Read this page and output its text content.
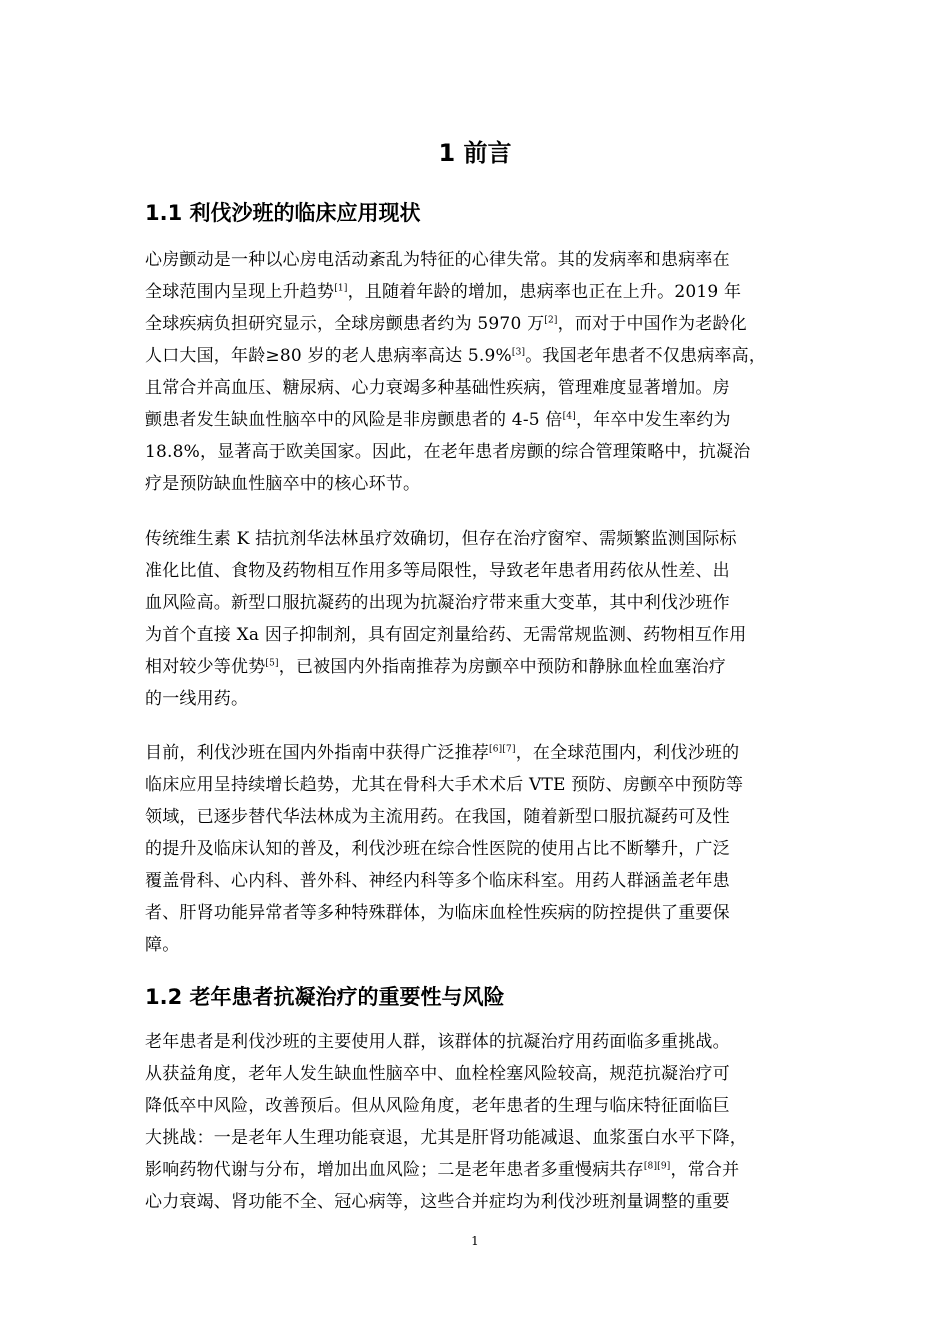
1 前言
1.1 利伐沙班的临床应用现状
心房颤动是一种以心房电活动紊乱为特征的心律失常。其的发病率和患病率在
全球范围内呈现上升趋势[1]，且随着年龄的增加，患病率也正在上升。2019 年
全球疾病负担研究显示，全球房颤患者约为 5970 万[2]，而对于中国作为老龄化
人口大国，年龄≥80 岁的老人患病率高达 5.9%[3]。我国老年患者不仅患病率高，
且常合并高血压、糖尿病、心力衰竭多种基础性疾病，管理难度显著增加。房
颤患者发生缺血性脑卒中的风险是非房颤患者的 4-5 倍[4]，年卒中发生率约为
18.8%，显著高于欧美国家。因此，在老年患者房颤的综合管理策略中，抗凝治
疗是预防缺血性脑卒中的核心环节。
传统维生素 K 拮抗剂华法林虽疗效确切，但存在治疗窗窄、需频繁监测国际标
准化比值、食物及药物相互作用多等局限性，导致老年患者用药依从性差、出
血风险高。新型口服抗凝药的出现为抗凝治疗带来重大变革，其中利伐沙班作
为首个直接 Xa 因子抑制剂，具有固定剂量给药、无需常规监测、药物相互作用
相对较少等优势[5]，已被国内外指南推荐为房颤卒中预防和静脉血栓血塞治疗
的一线用药。
目前，利伐沙班在国内外指南中获得广泛推荐[6][7]，在全球范围内，利伐沙班的
临床应用呈持续增长趋势，尤其在骨科大手术术后 VTE 预防、房颤卒中预防等
领域，已逐步替代华法林成为主流用药。在我国，随着新型口服抗凝药可及性
的提升及临床认知的普及，利伐沙班在综合性医院的使用占比不断攀升，广泛
覆盖骨科、心内科、普外科、神经内科等多个临床科室。用药人群涵盖老年患
者、肝肾功能异常者等多种特殊群体，为临床血栓性疾病的防控提供了重要保
障。
1.2 老年患者抗凝治疗的重要性与风险
老年患者是利伐沙班的主要使用人群，该群体的抗凝治疗用药面临多重挑战。
从获益角度，老年人发生缺血性脑卒中、血栓栓塞风险较高，规范抗凝治疗可
降低卒中风险，改善预后。但从风险角度，老年患者的生理与临床特征面临巨
大挑战：一是老年人生理功能衰退，尤其是肝肾功能减退、血浆蛋白水平下降，
影响药物代谢与分布，增加出血风险；二是老年患者多重慢病共存[8][9]，常合并
心力衰竭、肾功能不全、冠心病等，这些合并症均为利伐沙班剂量调整的重要
1
